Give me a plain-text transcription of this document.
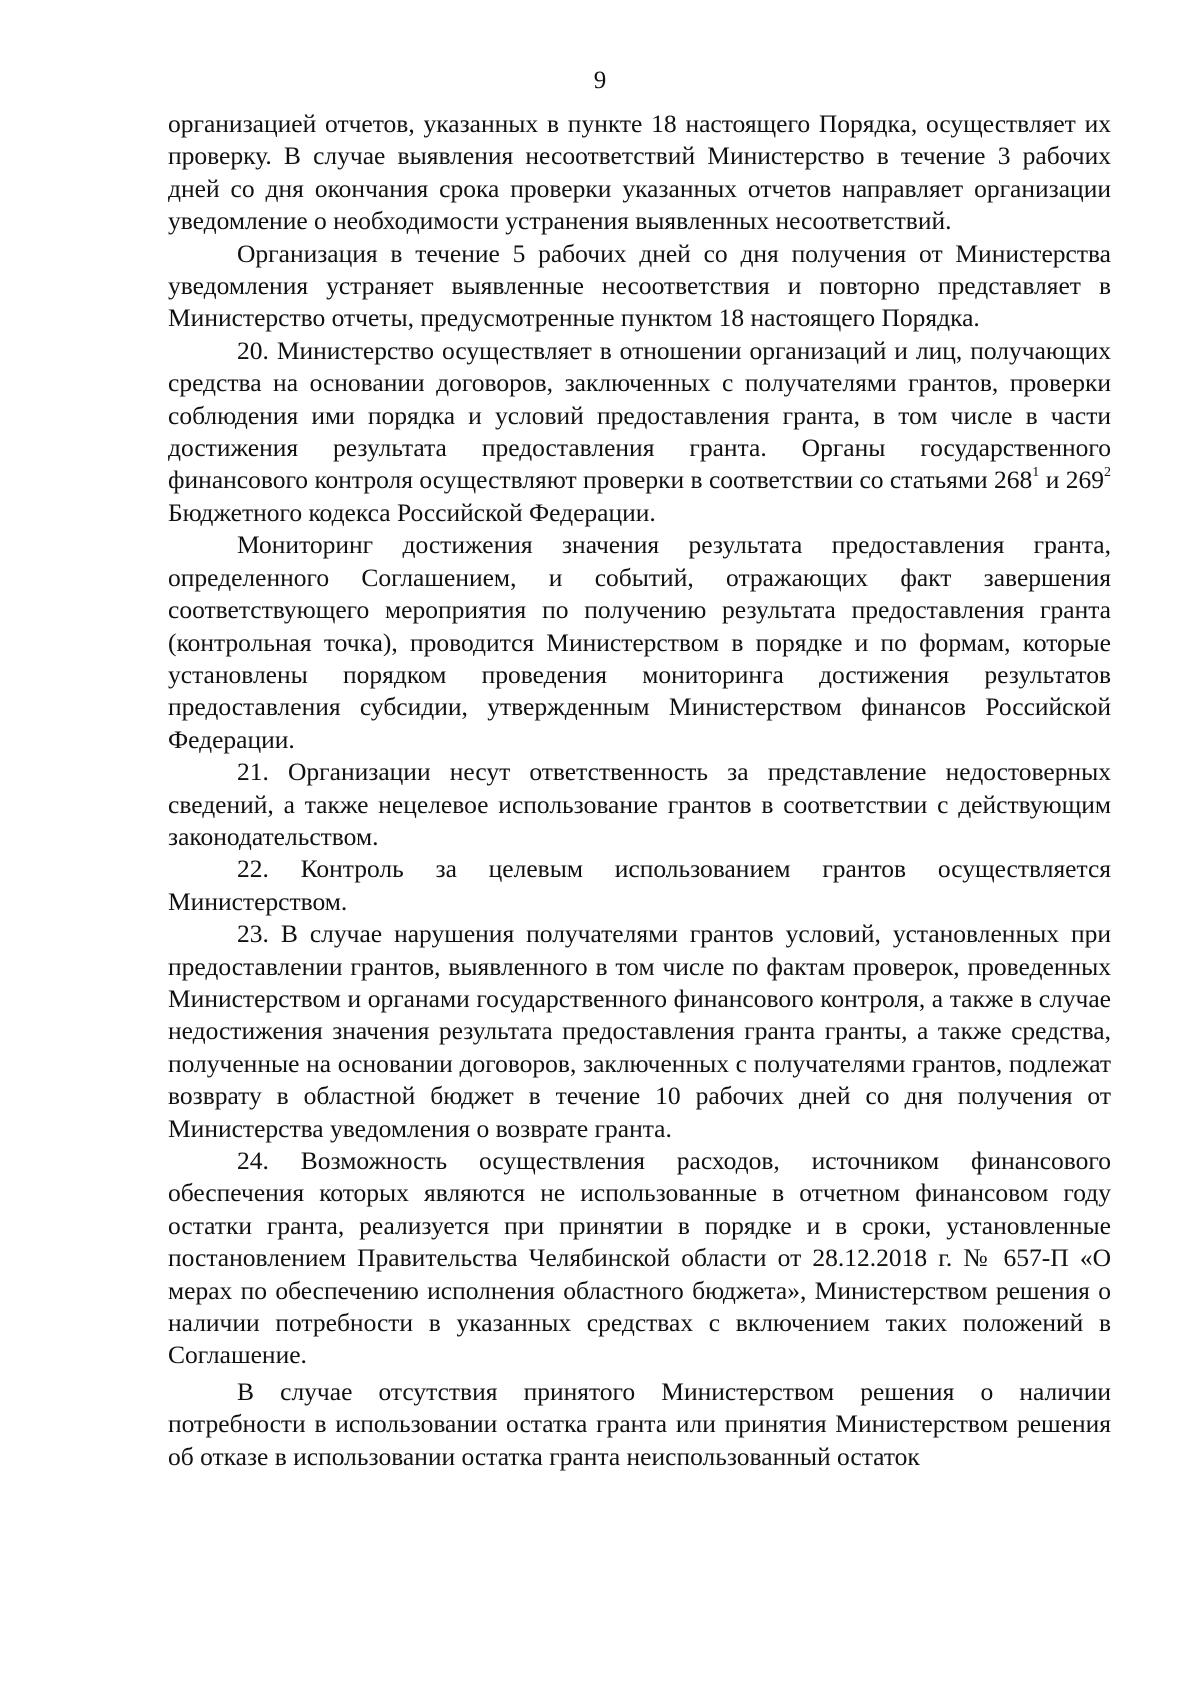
9

организацией отчетов, указанных в пункте 18 настоящего Порядка, осуществляет их проверку. В случае выявления несоответствий Министерство в течение 3 рабочих дней со дня окончания срока проверки указанных отчетов направляет организации уведомление о необходимости устранения выявленных несоответствий.

Организация в течение 5 рабочих дней со дня получения от Министерства уведомления устраняет выявленные несоответствия и повторно представляет в Министерство отчеты, предусмотренные пунктом 18 настоящего Порядка.

20. Министерство осуществляет в отношении организаций и лиц, получающих средства на основании договоров, заключенных с получателями грантов, проверки соблюдения ими порядка и условий предоставления гранта, в том числе в части достижения результата предоставления гранта. Органы государственного финансового контроля осуществляют проверки в соответствии со статьями $268^1$ и $269^2$ Бюджетного кодекса Российской Федерации.

Мониторинг достижения значения результата предоставления гранта, определенного Соглашением, и событий, отражающих факт завершения соответствующего мероприятия по получению результата предоставления гранта (контрольная точка), проводится Министерством в порядке и по формам, которые установлены порядком проведения мониторинга достижения результатов предоставления субсидии, утвержденным Министерством финансов Российской Федерации.

21. Организации несут ответственность за представление недостоверных сведений, а также нецелевое использование грантов в соответствии с действующим законодательством.

22. Контроль за целевым использованием грантов осуществляется Министерством.

23. В случае нарушения получателями грантов условий, установленных при предоставлении грантов, выявленного в том числе по фактам проверок, проведенных Министерством и органами государственного финансового контроля, а также в случае недостижения значения результата предоставления гранта гранты, а также средства, полученные на основании договоров, заключенных с получателями грантов, подлежат возврату в областной бюджет в течение 10 рабочих дней со дня получения от Министерства уведомления о возврате гранта.

24. Возможность осуществления расходов, источником финансового обеспечения которых являются не использованные в отчетном финансовом году остатки гранта, реализуется при принятии в порядке и в сроки, установленные постановлением Правительства Челябинской области от 28.12.2018 г. № 657-П «О мерах по обеспечению исполнения областного бюджета», Министерством решения о наличии потребности в указанных средствах с включением таких положений в Соглашение.

В случае отсутствия принятого Министерством решения о наличии потребности в использовании остатка гранта или принятия Министерством решения об отказе в использовании остатка гранта неиспользованный остаток
